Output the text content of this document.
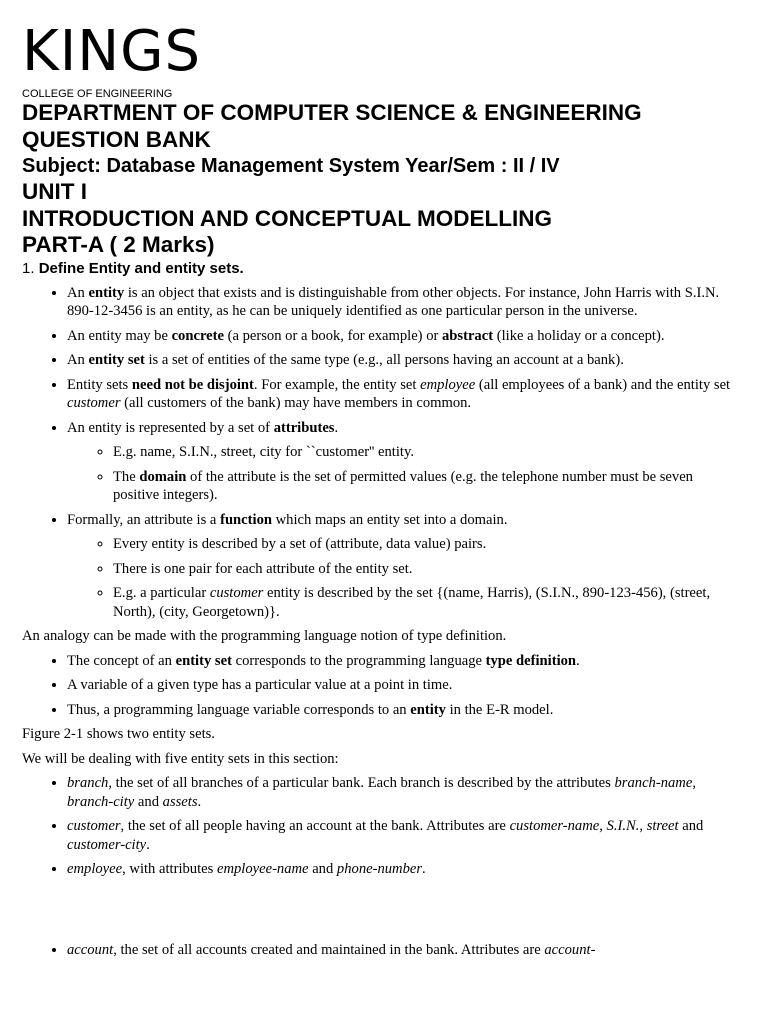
KINGS
COLLEGE OF ENGINEERING
DEPARTMENT OF COMPUTER SCIENCE & ENGINEERING
QUESTION BANK
Subject: Database Management System Year/Sem : II / IV
UNIT I
INTRODUCTION AND CONCEPTUAL MODELLING
PART-A ( 2 Marks)
1. Define Entity and entity sets.
• An entity is an object that exists and is distinguishable from other objects. For instance, John Harris with S.I.N. 890-12-3456 is an entity, as he can be uniquely identified as one particular person in the universe.
• An entity may be concrete (a person or a book, for example) or abstract (like a holiday or a concept).
• An entity set is a set of entities of the same type (e.g., all persons having an account at a bank).
• Entity sets need not be disjoint. For example, the entity set employee (all employees of a bank) and the entity set customer (all customers of the bank) may have members in common.
• An entity is represented by a set of attributes.
◦ E.g. name, S.I.N., street, city for ``customer'' entity.
◦ The domain of the attribute is the set of permitted values (e.g. the telephone number must be seven positive integers).
• Formally, an attribute is a function which maps an entity set into a domain.
◦ Every entity is described by a set of (attribute, data value) pairs.
◦ There is one pair for each attribute of the entity set.
◦ E.g. a particular customer entity is described by the set {(name, Harris), (S.I.N., 890-123-456), (street, North), (city, Georgetown)}.

An analogy can be made with the programming language notion of type definition.

• The concept of an entity set corresponds to the programming language type definition.
• A variable of a given type has a particular value at a point in time.
• Thus, a programming language variable corresponds to an entity in the E-R model.

Figure 2-1 shows two entity sets.

We will be dealing with five entity sets in this section:

• branch, the set of all branches of a particular bank. Each branch is described by the attributes branch-name, branch-city and assets.
• customer, the set of all people having an account at the bank. Attributes are customer-name, S.I.N., street and customer-city.
• employee, with attributes employee-name and phone-number.
• account, the set of all accounts created and maintained in the bank. Attributes are account-
